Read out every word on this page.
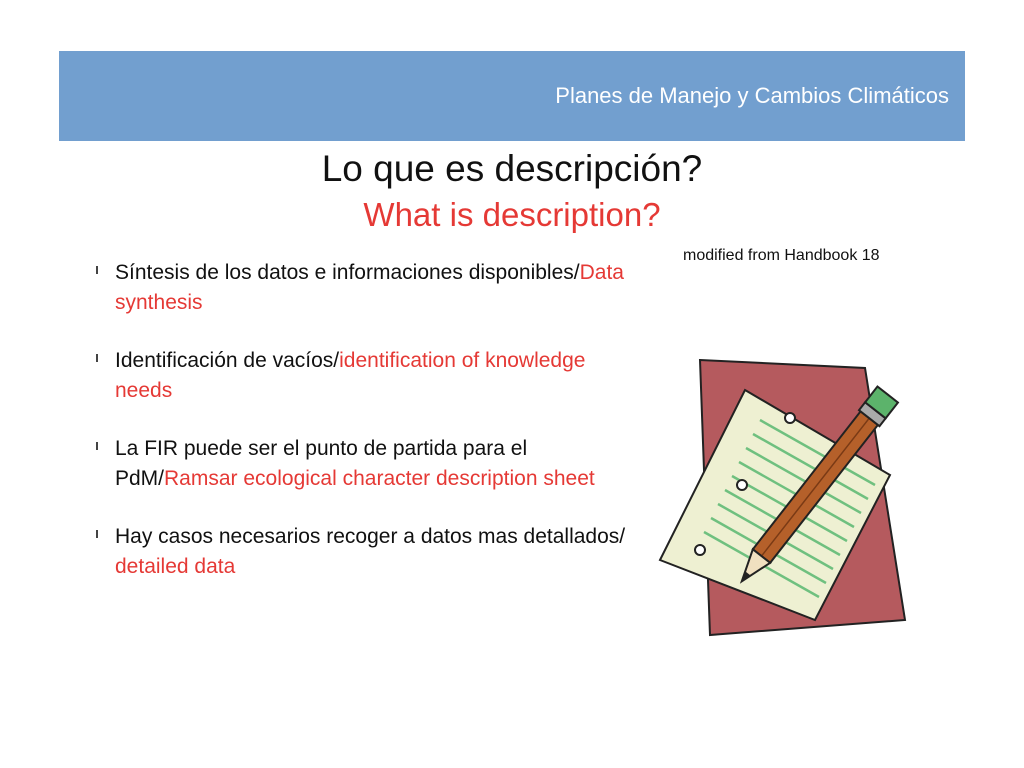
Planes de Manejo y Cambios Climáticos
Lo que es descripción?
What is description?
modified from Handbook 18
Síntesis de los datos e informaciones disponibles/Data synthesis
Identificación de vacíos/identification of knowledge needs
La FIR puede ser el punto de partida para el PdM/Ramsar ecological character description sheet
Hay casos necesarios recoger a datos mas detallados/ detailed data
